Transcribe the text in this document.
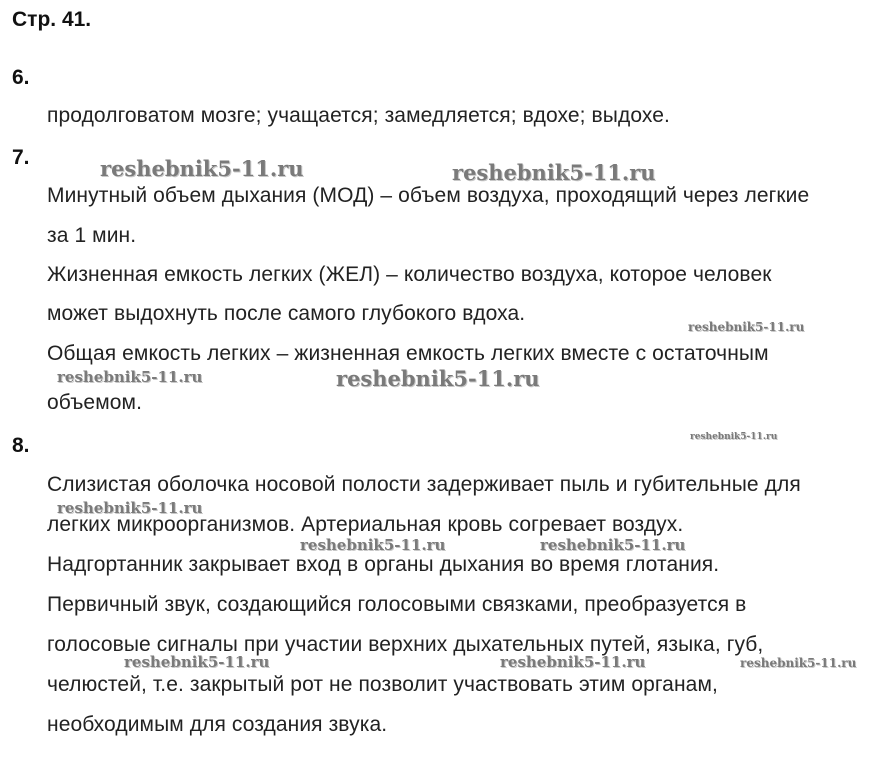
Стр. 41.
6.
продолговатом мозге; учащается; замедляется; вдохе; выдохе.
7.
Минутный объем дыхания (МОД) – объем воздуха, проходящий через легкие
за 1 мин.
Жизненная емкость легких (ЖЕЛ) – количество воздуха, которое человек
может выдохнуть после самого глубокого вдоха.
Общая емкость легких – жизненная емкость легких вместе с остаточным
объемом.
8.
Слизистая оболочка носовой полости задерживает пыль и губительные для
легких микроорганизмов. Артериальная кровь согревает воздух.
Надгортанник закрывает вход в органы дыхания во время глотания.
Первичный звук, создающийся голосовыми связками, преобразуется в
голосовые сигналы при участии верхних дыхательных путей, языка, губ,
челюстей, т.е. закрытый рот не позволит участвовать этим органам,
необходимым для создания звука.
reshebnik5-11.ru	reshebnik5-11.ru
reshebnik5-11.ru
reshebnik5-11.ru	reshebnik5-11.ru
reshebnik5-11.ru
reshebnik5-11.ru
reshebnik5-11.ru	reshebnik5-11.ru
reshebnik5-11.ru	reshebnik5-11.ru	reshebnik5-11.ru
